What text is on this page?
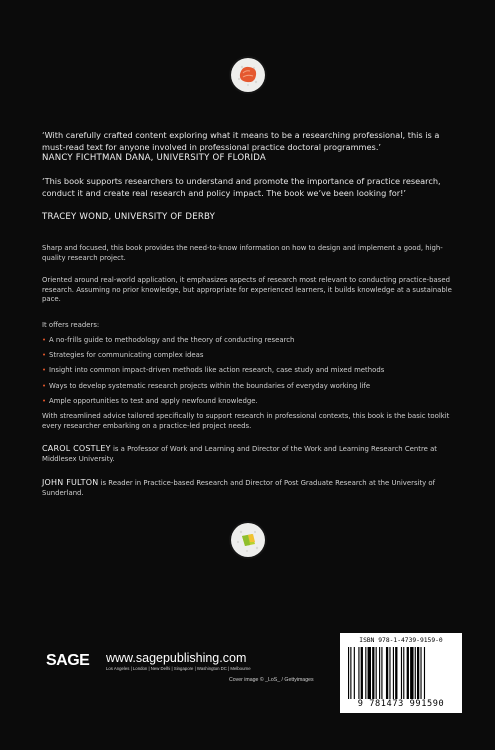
‘With carefully crafted content exploring what it means to be a researching professional, this is a must-read text for anyone involved in professional practice doctoral programmes.’
NANCY FICHTMAN DANA, UNIVERSITY OF FLORIDA
‘This book supports researchers to understand and promote the importance of practice research, conduct it and create real research and policy impact. The book we’ve been looking for!’
TRACEY WOND, UNIVERSITY OF DERBY
Sharp and focused, this book provides the need-to-know information on how to design and implement a good, high-quality research project.
Oriented around real-world application, it emphasizes aspects of research most relevant to conducting practice-based research. Assuming no prior knowledge, but appropriate for experienced learners, it builds knowledge at a sustainable pace.
It offers readers:
• A no-frills guide to methodology and the theory of conducting research
• Strategies for communicating complex ideas
• Insight into common impact-driven methods like action research, case study and mixed methods
• Ways to develop systematic research projects within the boundaries of everyday working life
• Ample opportunities to test and apply newfound knowledge.
With streamlined advice tailored specifically to support research in professional contexts, this book is the basic toolkit every researcher embarking on a practice-led project needs.
CAROL COSTLEY is a Professor of Work and Learning and Director of the Work and Learning Research Centre at Middlesex University.
JOHN FULTON is Reader in Practice-based Research and Director of Post Graduate Research at the University of Sunderland.
SAGE www.sagepublishing.com
Los Angeles | London | New Delhi | Singapore | Washington DC | Melbourne
Cover image © _LoS_ / Gettyimages
ISBN 978-1-4739-9159-0
9 781473 991590
